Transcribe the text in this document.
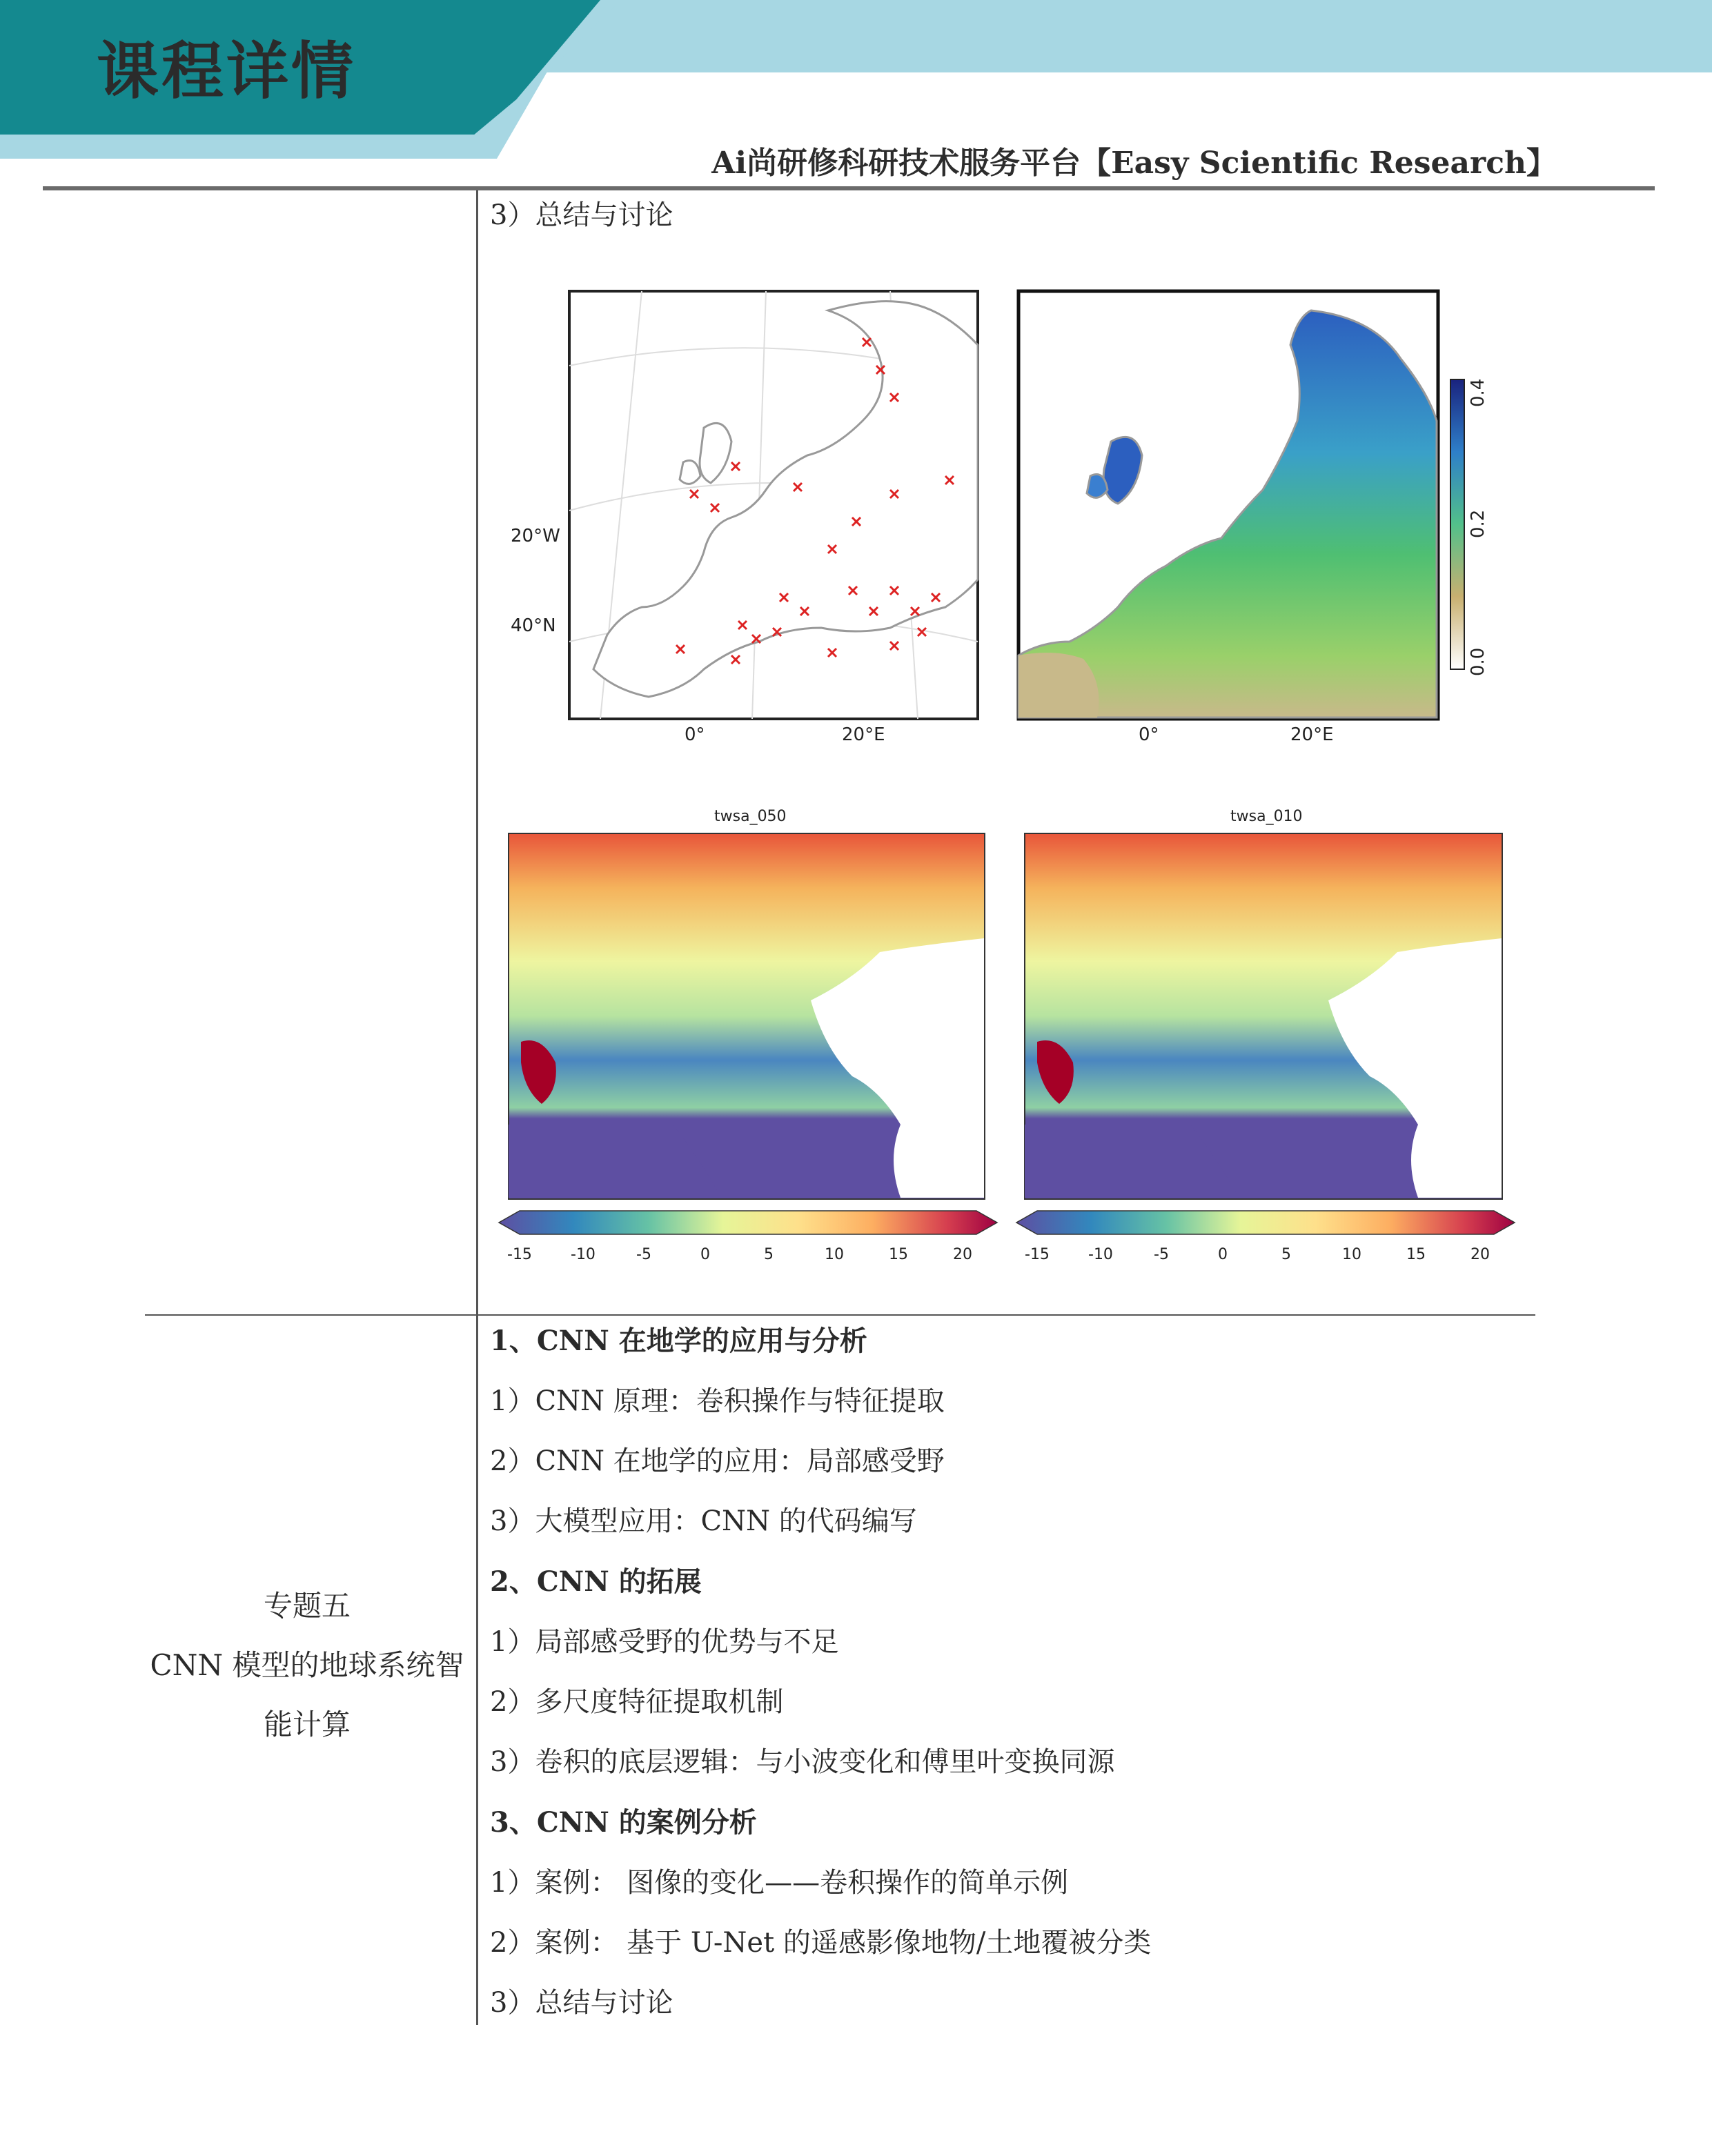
课程详情
Ai尚研修科研技术服务平台【Easy Scientific Research】
3）总结与讨论
20°W
40°N
0°	20°E
0.4
0.2
0.0
0°	20°E
twsa_050
-15	-10	-5	0	5	10	15	20
twsa_010
-15	-10	-5	0	5	10	15	20
专题五
CNN 模型的地球系统智
能计算
1、CNN 在地学的应用与分析
1）CNN 原理：卷积操作与特征提取
2）CNN 在地学的应用：局部感受野
3）大模型应用：CNN 的代码编写
2、CNN 的拓展
1）局部感受野的优势与不足
2）多尺度特征提取机制
3）卷积的底层逻辑：与小波变化和傅里叶变换同源
3、CNN 的案例分析
1）案例： 图像的变化——卷积操作的简单示例
2）案例： 基于 U-Net 的遥感影像地物/土地覆被分类
3）总结与讨论
